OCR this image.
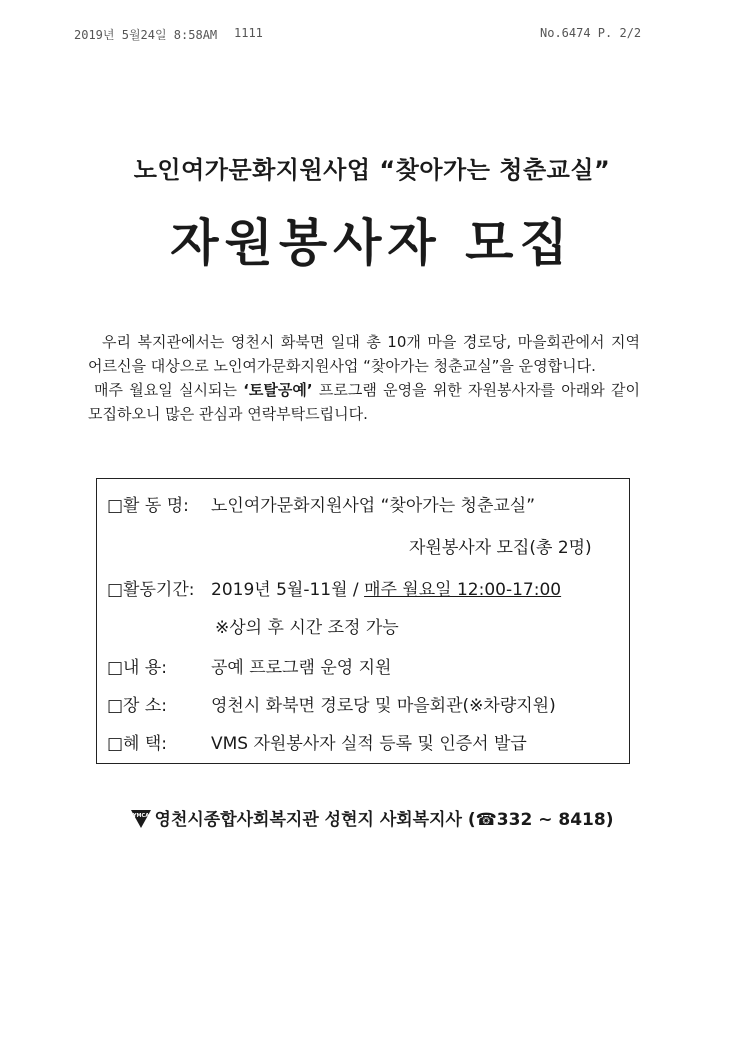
2019년 5월24일 8:58AM 1111	No.6474 P. 2/2
노인여가문화지원사업 “찾아가는 청춘교실”
자원봉사자 모집

우리 복지관에서는 영천시 화북면 일대 총 10개 마을 경로당, 마을회관에서 지역 어르신을 대상으로 노인여가문화지원사업 “찾아가는 청춘교실”을 운영합니다.

매주 월요일 실시되는 ‘토탈공예’ 프로그램 운영을 위한 자원봉사자를 아래와 같이 모집하오니 많은 관심과 연락부탁드립니다.

□활 동 명: 노인여가문화지원사업 “찾아가는 청춘교실”
자원봉사자 모집(총 2명)
□활동기간: 2019년 5월-11월 / 매주 월요일 12:00-17:00
※상의 후 시간 조정 가능
□내 용:	공예 프로그램 운영 지원
□장 소:	영천시 화북면 경로당 및 마을회관(※차량지원)
□혜 택:	VMS 자원봉사자 실적 등록 및 인증서 발급
YMCA 영천시종합사회복지관 성현지 사회복지사 (☎332 ~ 8418)
